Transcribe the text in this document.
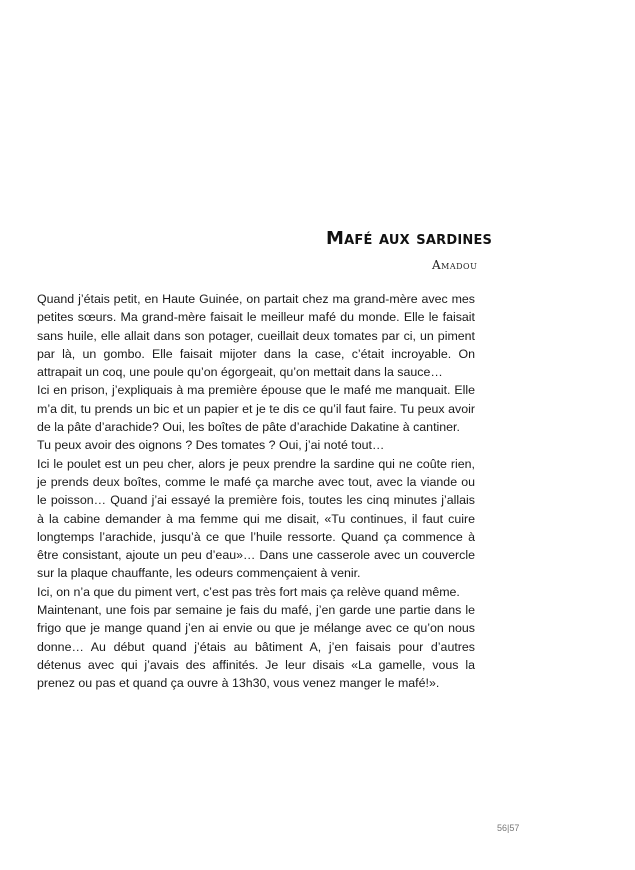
Mafé aux sardines
Amadou

Quand j’étais petit, en Haute Guinée, on partait chez ma grand-mère avec mes petites sœurs. Ma grand-mère faisait le meilleur mafé du monde. Elle le faisait sans huile, elle allait dans son potager, cueillait deux tomates par ci, un piment par là, un gombo. Elle faisait mijoter dans la case, c’était incroyable. On attrapait un coq, une poule qu’on égorgeait, qu’on mettait dans la sauce…

Ici en prison, j’expliquais à ma première épouse que le mafé me manquait. Elle m’a dit, tu prends un bic et un papier et je te dis ce qu’il faut faire. Tu peux avoir de la pâte d’arachide? Oui, les boîtes de pâte d’arachide Dakatine à cantiner.

Tu peux avoir des oignons ? Des tomates ? Oui, j’ai noté tout…

Ici le poulet est un peu cher, alors je peux prendre la sardine qui ne coûte rien, je prends deux boîtes, comme le mafé ça marche avec tout, avec la viande ou le poisson… Quand j’ai essayé la première fois, toutes les cinq minutes j’allais à la cabine demander à ma femme qui me disait, «Tu continues, il faut cuire longtemps l’arachide, jusqu’à ce que l’huile ressorte. Quand ça commence à être consistant, ajoute un peu d’eau»… Dans une casserole avec un couvercle sur la plaque chauffante, les odeurs commençaient à venir.

Ici, on n’a que du piment vert, c’est pas très fort mais ça relève quand même.

Maintenant, une fois par semaine je fais du mafé, j’en garde une partie dans le frigo que je mange quand j’en ai envie ou que je mélange avec ce qu’on nous donne… Au début quand j’étais au bâtiment A, j’en faisais pour d’autres détenus avec qui j’avais des affinités. Je leur disais «La gamelle, vous la prenez ou pas et quand ça ouvre à 13h30, vous venez manger le mafé!».

56|57
